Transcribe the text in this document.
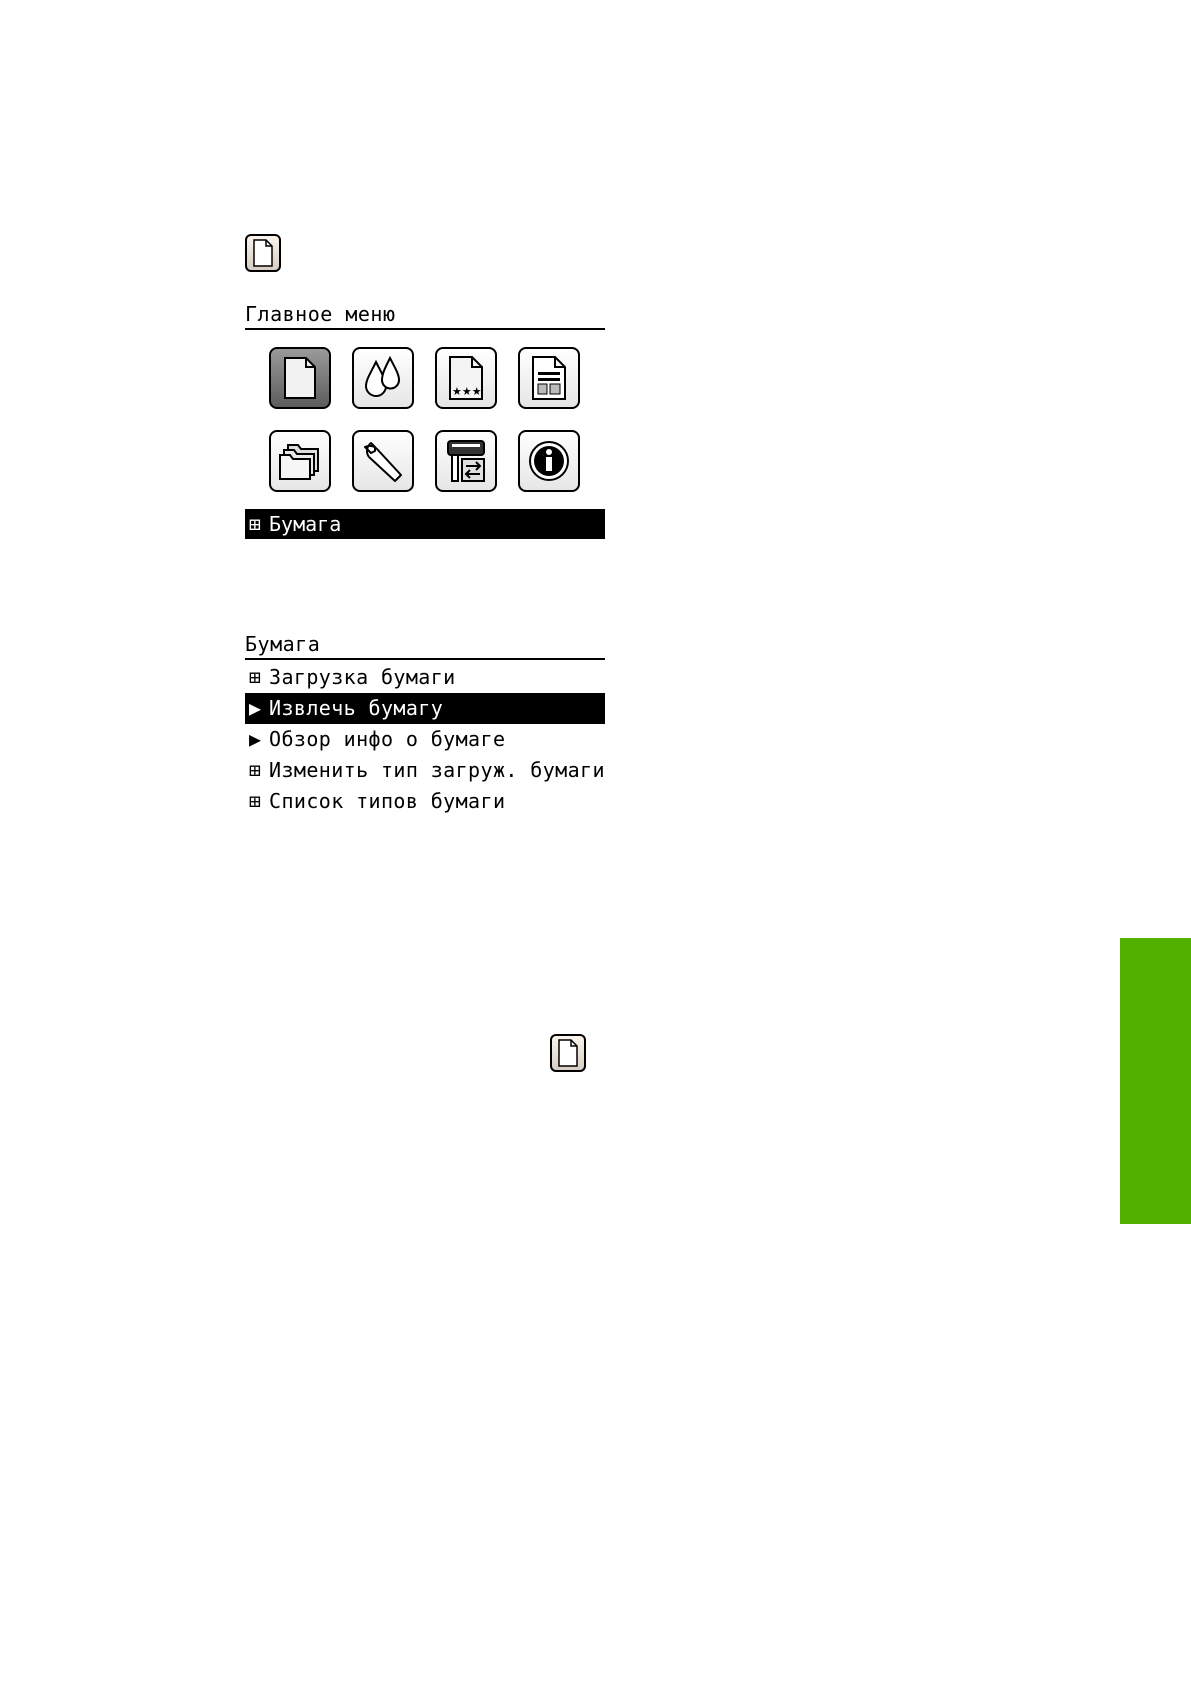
Главное меню
★★★
⊞ Бумага
Бумага
⊞ Загрузка бумаги
▶ Извлечь бумагу
▶ Обзор инфо о бумаге
⊞ Изменить тип загруж. бумаги
⊞ Список типов бумаги
